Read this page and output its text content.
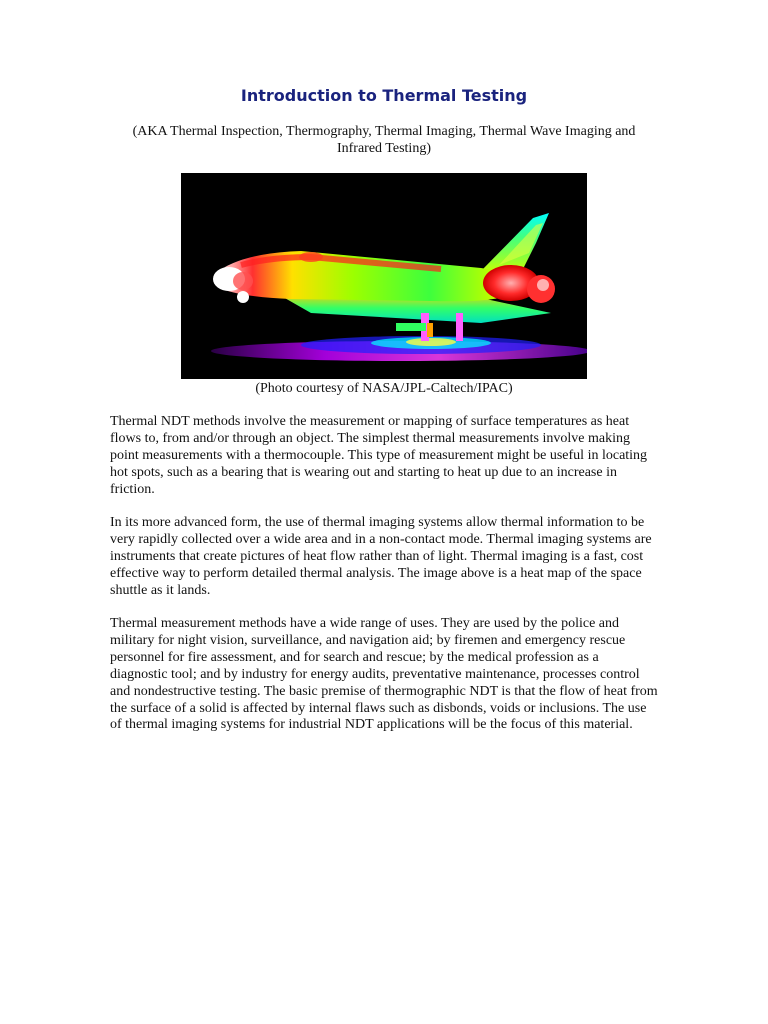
Introduction to Thermal Testing

(AKA Thermal Inspection, Thermography, Thermal Imaging, Thermal Wave Imaging and Infrared Testing)

(Photo courtesy of NASA/JPL-Caltech/IPAC)

Thermal NDT methods involve the measurement or mapping of surface temperatures as heat flows to, from and/or through an object. The simplest thermal measurements involve making point measurements with a thermocouple. This type of measurement might be useful in locating hot spots, such as a bearing that is wearing out and starting to heat up due to an increase in friction.

In its more advanced form, the use of thermal imaging systems allow thermal information to be very rapidly collected over a wide area and in a non-contact mode. Thermal imaging systems are instruments that create pictures of heat flow rather than of light. Thermal imaging is a fast, cost effective way to perform detailed thermal analysis. The image above is a heat map of the space shuttle as it lands.

Thermal measurement methods have a wide range of uses. They are used by the police and military for night vision, surveillance, and navigation aid; by firemen and emergency rescue personnel for fire assessment, and for search and rescue; by the medical profession as a diagnostic tool; and by industry for energy audits, preventative maintenance, processes control and nondestructive testing. The basic premise of thermographic NDT is that the flow of heat from the surface of a solid is affected by internal flaws such as disbonds, voids or inclusions. The use of thermal imaging systems for industrial NDT applications will be the focus of this material.
